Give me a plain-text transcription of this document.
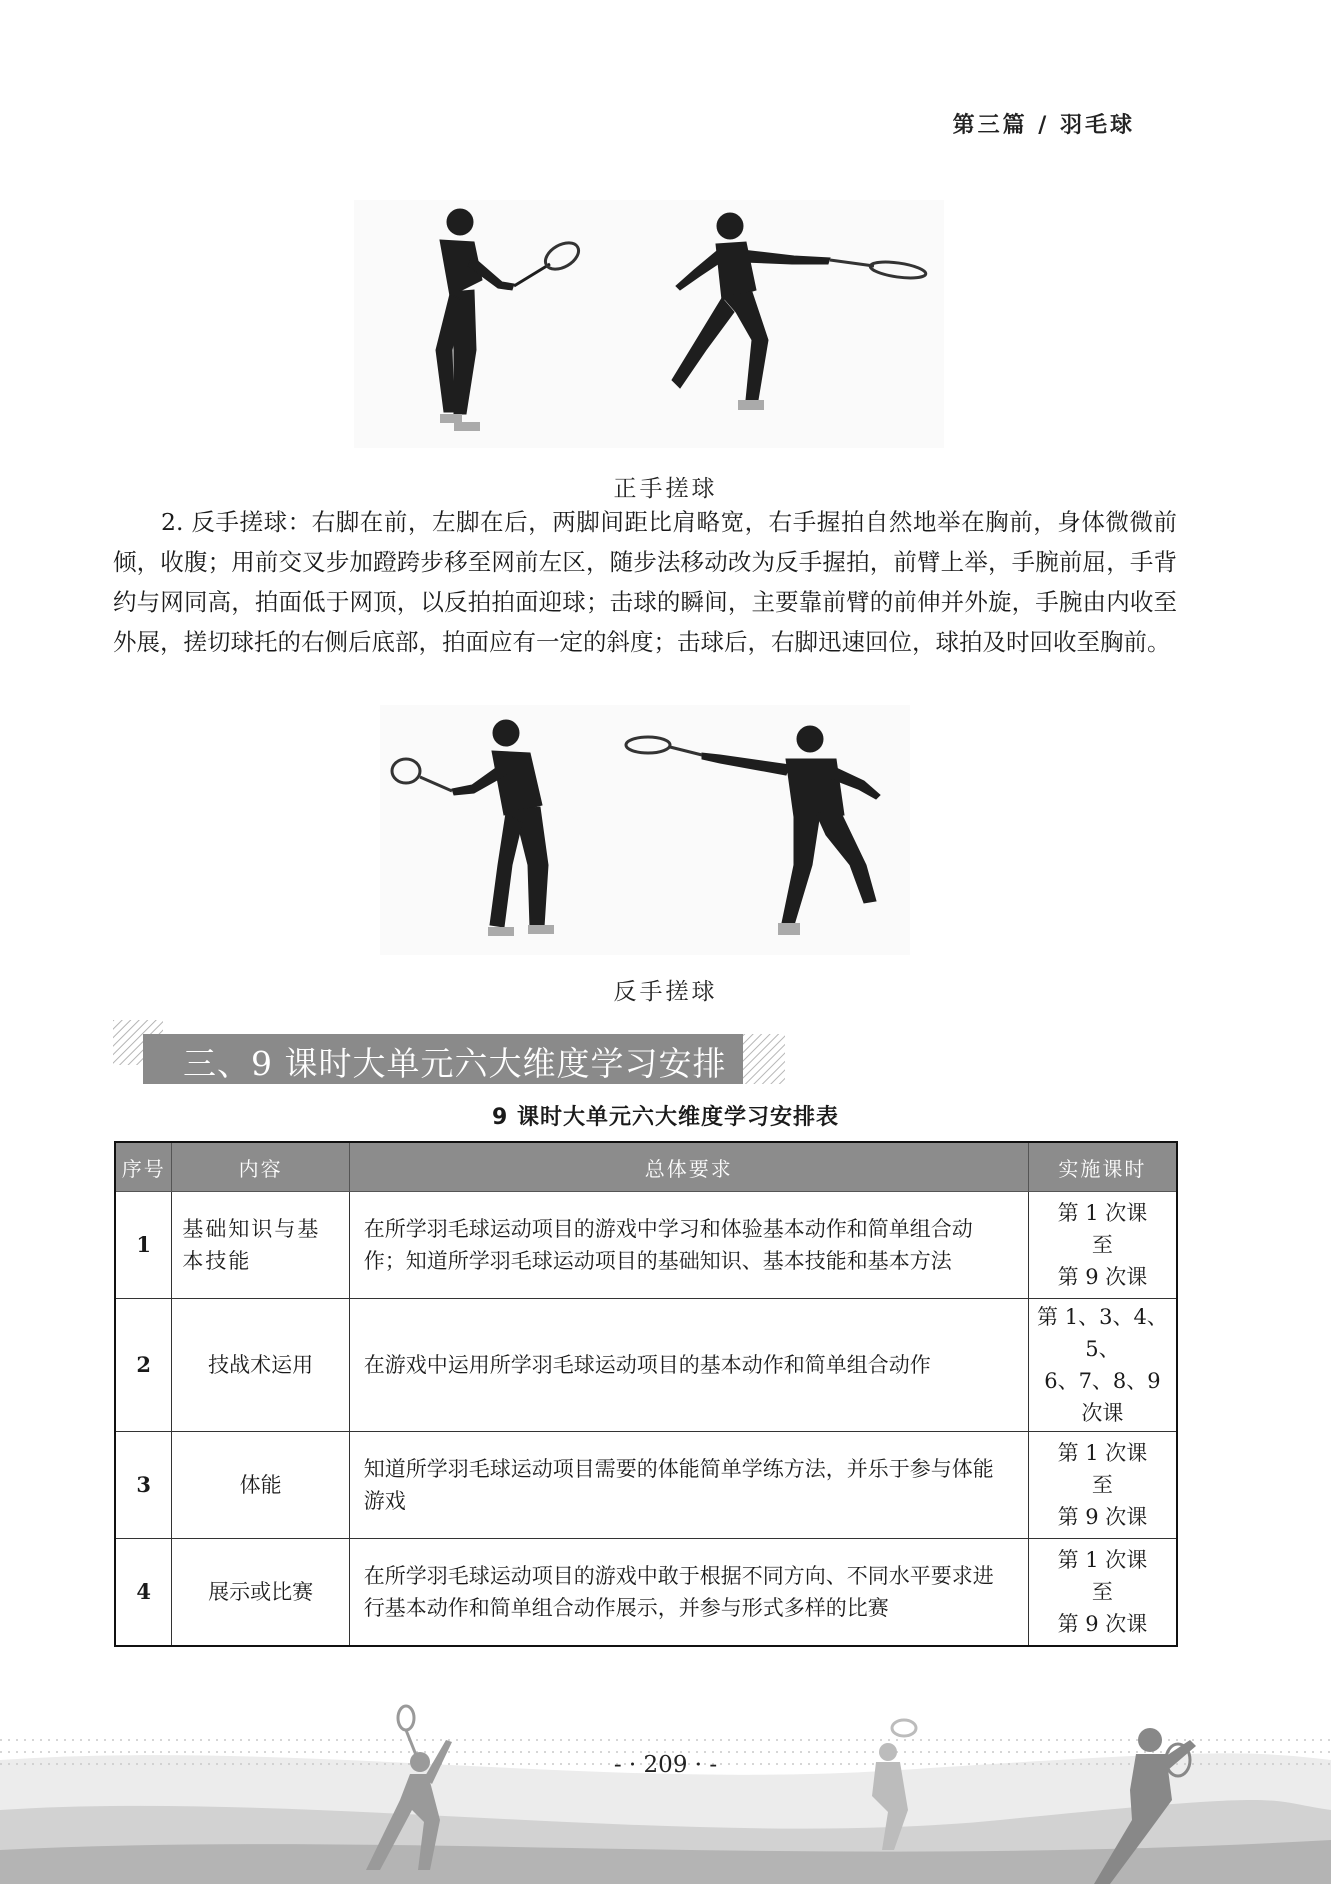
第三篇 / 羽毛球
正手搓球

2. 反手搓球：右脚在前，左脚在后，两脚间距比肩略宽，右手握拍自然地举在胸前，身体微微前倾，收腹；用前交叉步加蹬跨步移至网前左区，随步法移动改为反手握拍，前臂上举，手腕前屈，手背约与网同高，拍面低于网顶，以反拍拍面迎球；击球的瞬间，主要靠前臂的前伸并外旋，手腕由内收至外展，搓切球托的右侧后底部，拍面应有一定的斜度；击球后，右脚迅速回位，球拍及时回收至胸前。

反手搓球
三、9 课时大单元六大维度学习安排
9 课时大单元六大维度学习安排表
序号	内容	总体要求	实施课时
1	基础知识与基本技能	在所学羽毛球运动项目的游戏中学习和体验基本动作和简单组合动作；知道所学羽毛球运动项目的基础知识、基本技能和基本方法	第 1 次课
至
第 9 次课

2	技战术运用	在游戏中运用所学羽毛球运动项目的基本动作和简单组合动作	第 1、3、4、5、
6、7、8、9
次课

3	体能	知道所学羽毛球运动项目需要的体能简单学练方法，并乐于参与体能游戏	第 1 次课
至
第 9 次课

4	展示或比赛	在所学羽毛球运动项目的游戏中敢于根据不同方向、不同水平要求进行基本动作和简单组合动作展示，并参与形式多样的比赛	第 1 次课
至
第 9 次课
- · 209 · -
